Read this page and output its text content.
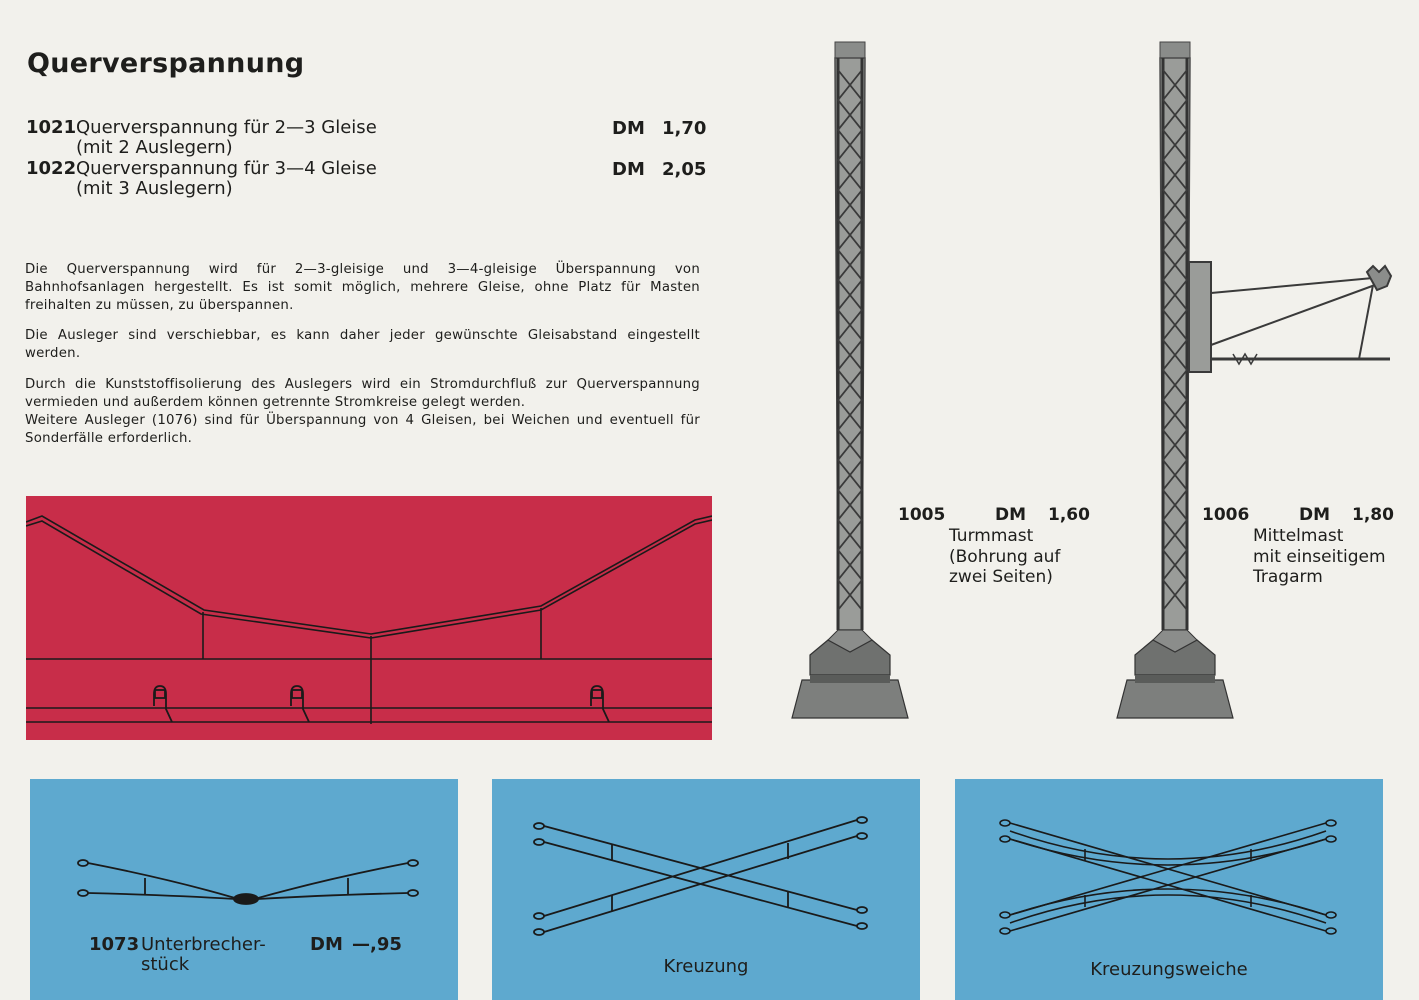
Querverspannung
1021 Querverspannung für 2—3 Gleise
(mit 2 Auslegern)
DM 1,70
1022 Querverspannung für 3—4 Gleise
(mit 3 Auslegern)
DM 2,05

Die Querverspannung wird für 2—3-gleisige und 3—4-gleisige Überspannung von Bahnhofsanlagen hergestellt. Es ist somit möglich, mehrere Gleise, ohne Platz für Masten freihalten zu müssen, zu überspannen.

Die Ausleger sind verschiebbar, es kann daher jeder gewünschte Gleisabstand eingestellt werden.

Durch die Kunststoffisolierung des Auslegers wird ein Stromdurchfluß zur Querverspannung vermieden und außerdem können getrennte Stromkreise gelegt werden.

Weitere Ausleger (1076) sind für Überspannung von 4 Gleisen, bei Weichen und eventuell für Sonderfälle erforderlich.

1005	DM 1,60
Turmmast
(Bohrung auf
zwei Seiten)
1006	DM 1,80
Mittelmast
mit einseitigem
Tragarm
1073 Unterbrecher-
stück
DM —,95
Kreuzung	Kreuzungsweiche
